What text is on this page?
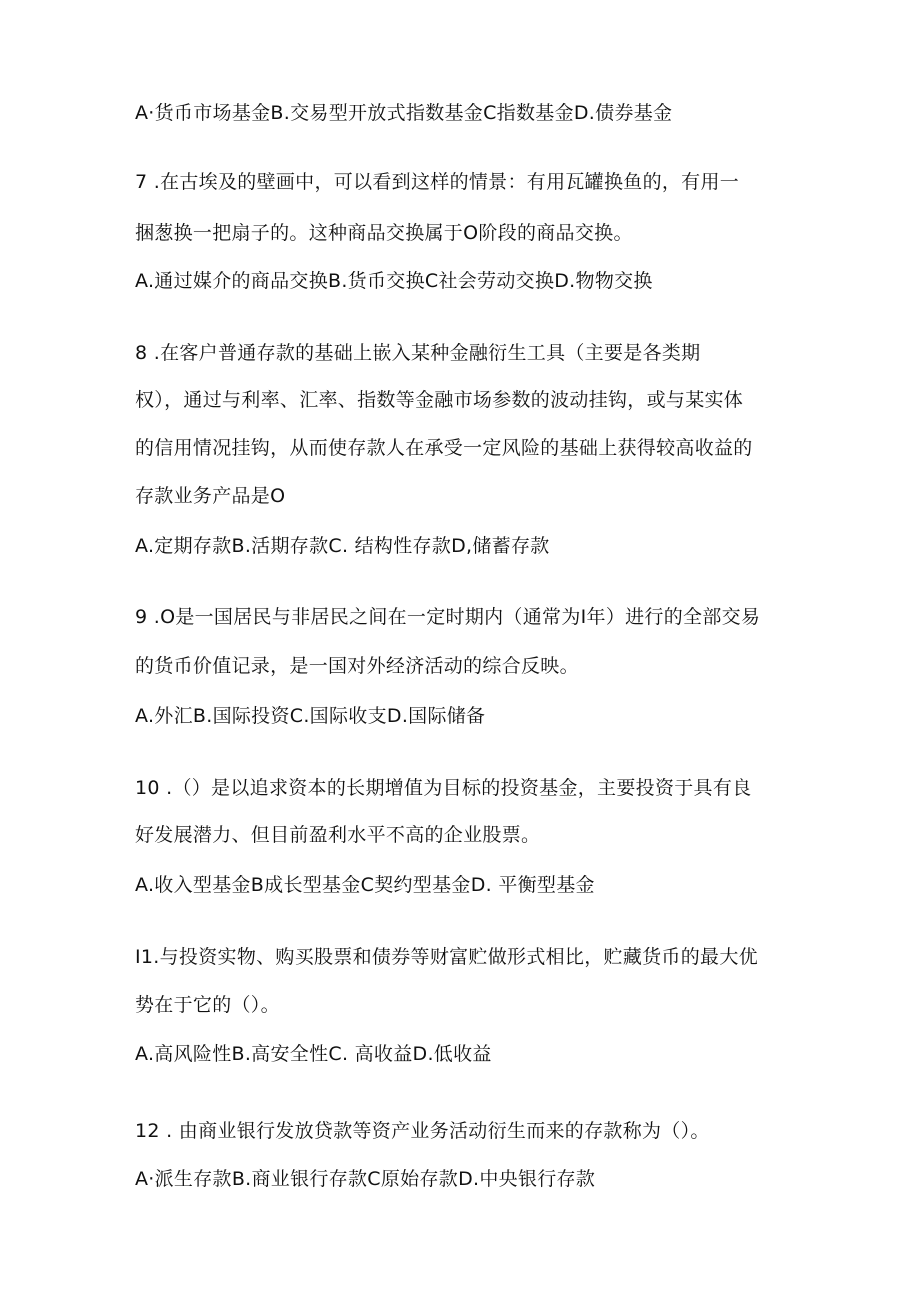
A·货币市场基金B.交易型开放式指数基金C指数基金D.债券基金
7 .在古埃及的壁画中，可以看到这样的情景：有用瓦罐换鱼的，有用一
捆葱换一把扇子的。这种商品交换属于O阶段的商品交换。
A.通过媒介的商品交换B.货币交换C社会劳动交换D.物物交换
8 .在客户普通存款的基础上嵌入某种金融衍生工具（主要是各类期
权），通过与利率、汇率、指数等金融市场参数的波动挂钩，或与某实体
的信用情况挂钩，从而使存款人在承受一定风险的基础上获得较高收益的
存款业务产品是O
A.定期存款B.活期存款C. 结构性存款D,储蓄存款
9 .O是一国居民与非居民之间在一定时期内（通常为I年）进行的全部交易
的货币价值记录，是一国对外经济活动的综合反映。
A.外汇B.国际投资C.国际收支D.国际储备
10 .（）是以追求资本的长期增值为目标的投资基金，主要投资于具有良
好发展潜力、但目前盈利水平不高的企业股票。
A.收入型基金B成长型基金C契约型基金D. 平衡型基金
I1.与投资实物、购买股票和债券等财富贮做形式相比，贮藏货币的最大优
势在于它的（）。
A.高风险性B.高安全性C. 高收益D.低收益
12 . 由商业银行发放贷款等资产业务活动衍生而来的存款称为（）。
A·派生存款B.商业银行存款C原始存款D.中央银行存款
